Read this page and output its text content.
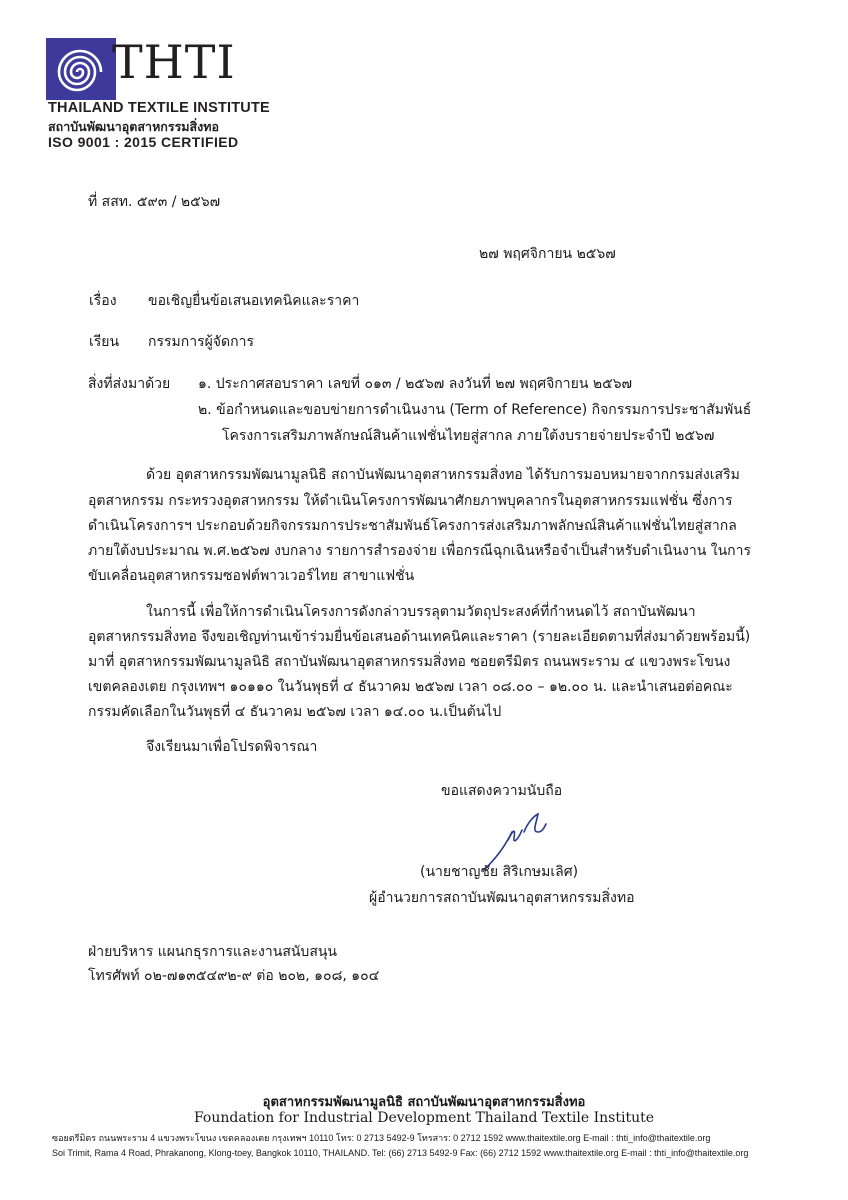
THTI
THAILAND TEXTILE INSTITUTE
สถาบันพัฒนาอุตสาหกรรมสิ่งทอ
ISO 9001 : 2015 CERTIFIED
ที่ สสท. ๕๙๓ / ๒๕๖๗
๒๗ พฤศจิกายน ๒๕๖๗
เรื่อง ขอเชิญยื่นข้อเสนอเทคนิคและราคา
เรียน กรรมการผู้จัดการ
สิ่งที่ส่งมาด้วย ๑. ประกาศสอบราคา เลขที่ ๐๑๓ / ๒๕๖๗ ลงวันที่ ๒๗ พฤศจิกายน ๒๕๖๗
๒. ข้อกำหนดและขอบข่ายการดำเนินงาน (Term of Reference) กิจกรรมการประชาสัมพันธ์
โครงการเสริมภาพลักษณ์สินค้าแฟชั่นไทยสู่สากล ภายใต้งบรายจ่ายประจำปี ๒๕๖๗
ด้วย อุตสาหกรรมพัฒนามูลนิธิ สถาบันพัฒนาอุตสาหกรรมสิ่งทอ ได้รับการมอบหมายจากกรมส่งเสริม
อุตสาหกรรม กระทรวงอุตสาหกรรม ให้ดำเนินโครงการพัฒนาศักยภาพบุคลากรในอุตสาหกรรมแฟชั่น ซึ่งการ
ดำเนินโครงการฯ ประกอบด้วยกิจกรรมการประชาสัมพันธ์โครงการส่งเสริมภาพลักษณ์สินค้าแฟชั่นไทยสู่สากล
ภายใต้งบประมาณ พ.ศ.๒๕๖๗ งบกลาง รายการสำรองจ่าย เพื่อกรณีฉุกเฉินหรือจำเป็นสำหรับดำเนินงาน ในการ
ขับเคลื่อนอุตสาหกรรมซอฟต์พาวเวอร์ไทย สาขาแฟชั่น
ในการนี้ เพื่อให้การดำเนินโครงการดังกล่าวบรรลุตามวัตถุประสงค์ที่กำหนดไว้ สถาบันพัฒนา
อุตสาหกรรมสิ่งทอ จึงขอเชิญท่านเข้าร่วมยื่นข้อเสนอด้านเทคนิคและราคา (รายละเอียดตามที่ส่งมาด้วยพร้อมนี้)
มาที่ อุตสาหกรรมพัฒนามูลนิธิ สถาบันพัฒนาอุตสาหกรรมสิ่งทอ ซอยตรีมิตร ถนนพระราม ๔ แขวงพระโขนง
เขตคลองเตย กรุงเทพฯ ๑๐๑๑๐ ในวันพุธที่ ๔ ธันวาคม ๒๕๖๗ เวลา ๐๘.๐๐ – ๑๒.๐๐ น. และนำเสนอต่อคณะ
กรรมคัดเลือกในวันพุธที่ ๔ ธันวาคม ๒๕๖๗ เวลา ๑๔.๐๐ น.เป็นต้นไป
จึงเรียนมาเพื่อโปรดพิจารณา
ขอแสดงความนับถือ
(นายชาญชัย สิริเกษมเลิศ)
ผู้อำนวยการสถาบันพัฒนาอุตสาหกรรมสิ่งทอ
ฝ่ายบริหาร แผนกธุรการและงานสนับสนุน
โทรศัพท์ ๐๒-๗๑๓๕๔๙๒-๙ ต่อ ๒๐๒, ๑๐๘, ๑๐๔
อุตสาหกรรมพัฒนามูลนิธิ สถาบันพัฒนาอุตสาหกรรมสิ่งทอ
Foundation for Industrial Development Thailand Textile Institute
ซอยตรีมิตร ถนนพระราม 4 แขวงพระโขนง เขตคลองเตย กรุงเทพฯ 10110 โทร: 0 2713 5492-9 โทรสาร: 0 2712 1592 www.thaitextile.org E-mail : thti_info@thaitextile.org
Soi Trimit, Rama 4 Road, Phrakanong, Klong-toey, Bangkok 10110, THAILAND. Tel: (66) 2713 5492-9 Fax: (66) 2712 1592 www.thaitextile.org E-mail : thti_info@thaitextile.org
